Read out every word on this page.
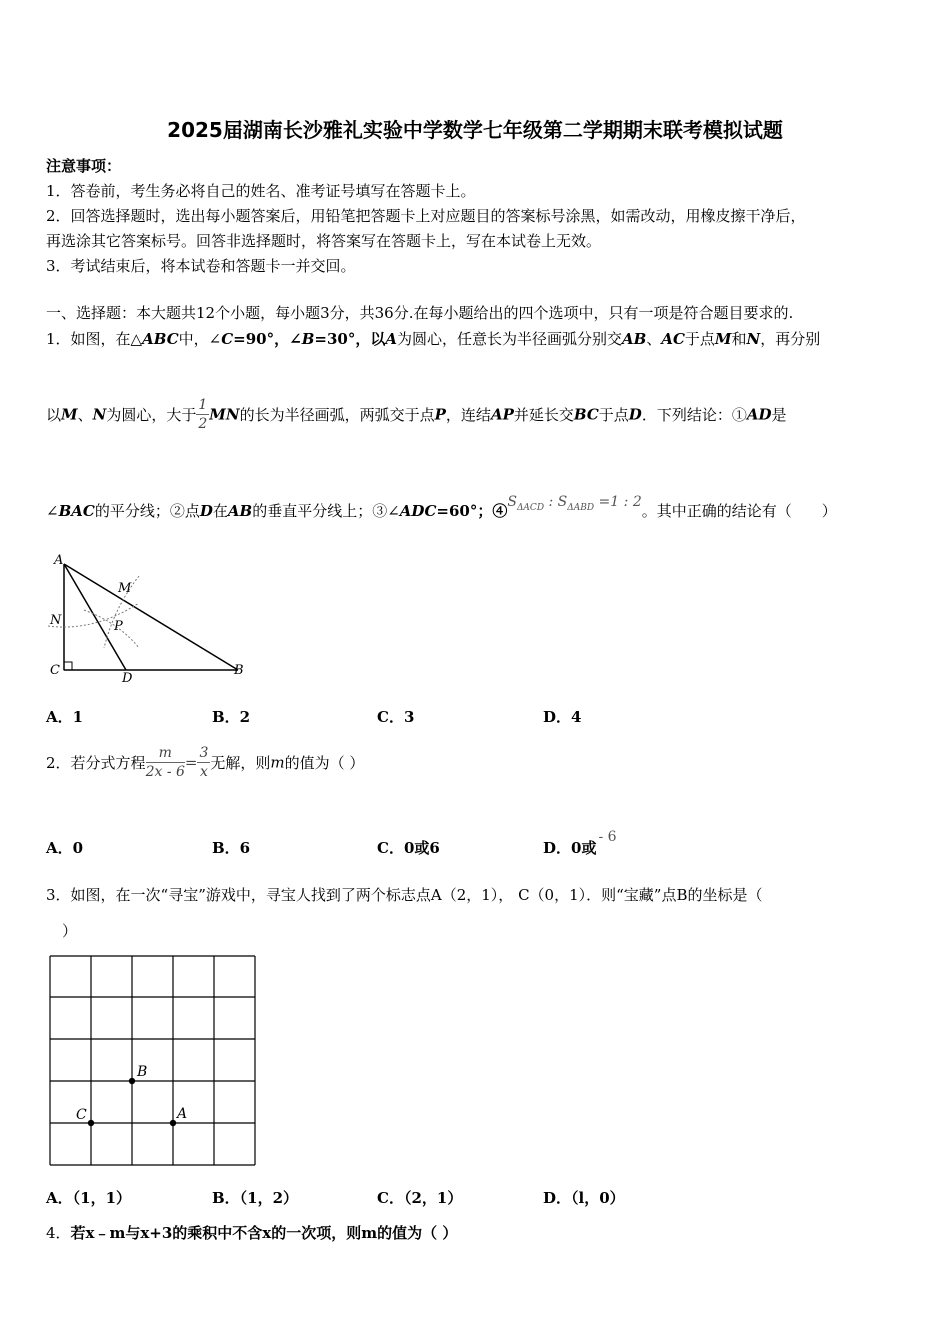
2025届湖南长沙雅礼实验中学数学七年级第二学期期末联考模拟试题
注意事项：
1．答卷前，考生务必将自己的姓名、准考证号填写在答题卡上。
2．回答选择题时，选出每小题答案后，用铅笔把答题卡上对应题目的答案标号涂黑，如需改动，用橡皮擦干净后，
再选涂其它答案标号。回答非选择题时，将答案写在答题卡上，写在本试卷上无效。
3．考试结束后，将本试卷和答题卡一并交回。
一、选择题：本大题共12个小题，每小题3分，共36分.在每小题给出的四个选项中，只有一项是符合题目要求的.
1．如图，在△ABC中，∠C=90°，∠B=30°，以A为圆心，任意长为半径画弧分别交AB、AC于点M和N，再分别
以M、N为圆心，大于 $\frac{1}{2}$ MN的长为半径画弧，两弧交于点P，连结AP并延长交BC于点D．下列结论：①AD是
∠BAC的平分线；②点D在AB的垂直平分线上；③∠ADC=60°；$④S_{\Delta ACD}$ : $S_{\Delta ABD} =1$ : 2。其中正确的结论有（　　）
A
M
N	P
C
D
B
A．1	B．2	C．3	D．4
2．若分式方程 $\frac{m}{2x - 6} = \frac{3}{x}$ 无解，则m的值为（ ）
A．0	B．6	C．0或6	D．0或- 6
3．如图，在一次“寻宝”游戏中，寻宝人找到了两个标志点A（2，1）， C（0，1）．则“宝藏”点B的坐标是（
）
B
C	A
A．（1，1）	B．（1，2）	C．（2，1）	D．（l，0）
4．若x﹣m与x+3的乘积中不含x的一次项，则m的值为（ ）
